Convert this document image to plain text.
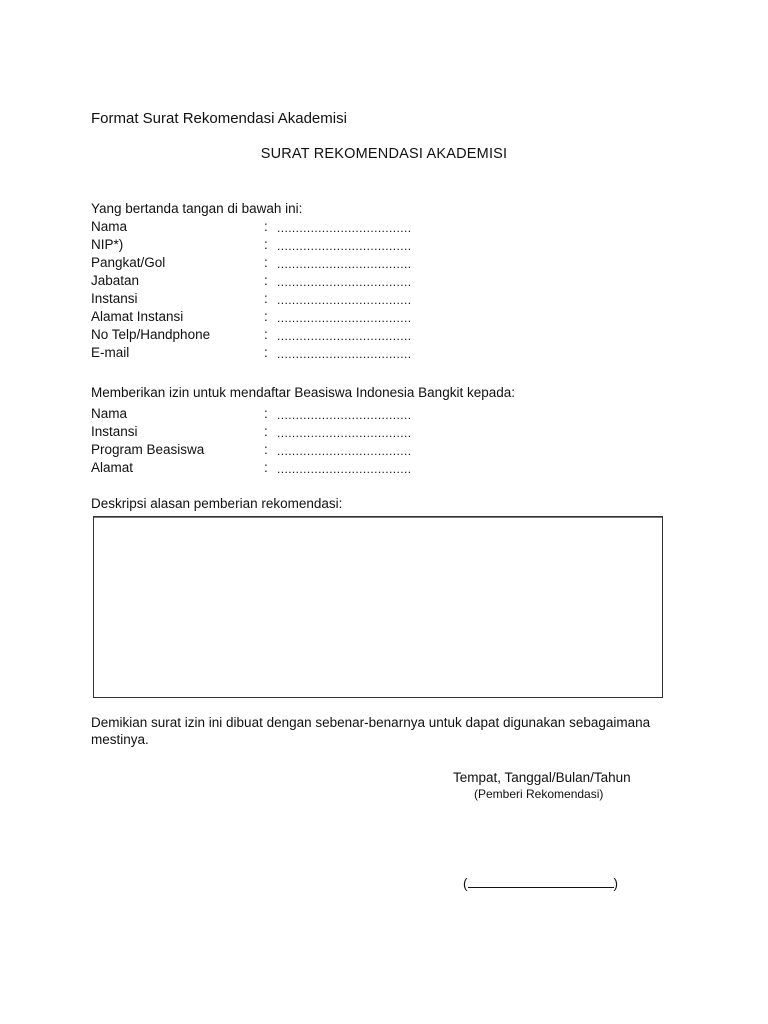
Format Surat Rekomendasi Akademisi
SURAT REKOMENDASI AKADEMISI
Yang bertanda tangan di bawah ini:
Nama	: ....................................
NIP*)	: ....................................
Pangkat/Gol	: ....................................
Jabatan	: ....................................
Instansi	: ....................................
Alamat Instansi	: ....................................
No Telp/Handphone	: ....................................
E-mail	: ....................................
Memberikan izin untuk mendaftar Beasiswa Indonesia Bangkit kepada:
Nama	: ....................................
Instansi	: ....................................
Program Beasiswa	: ....................................
Alamat	: ....................................
Deskripsi alasan pemberian rekomendasi:
Demikian surat izin ini dibuat dengan sebenar-benarnya untuk dapat digunakan sebagaimana mestinya.
Tempat, Tanggal/Bulan/Tahun
(Pemberi Rekomendasi)
(	)
